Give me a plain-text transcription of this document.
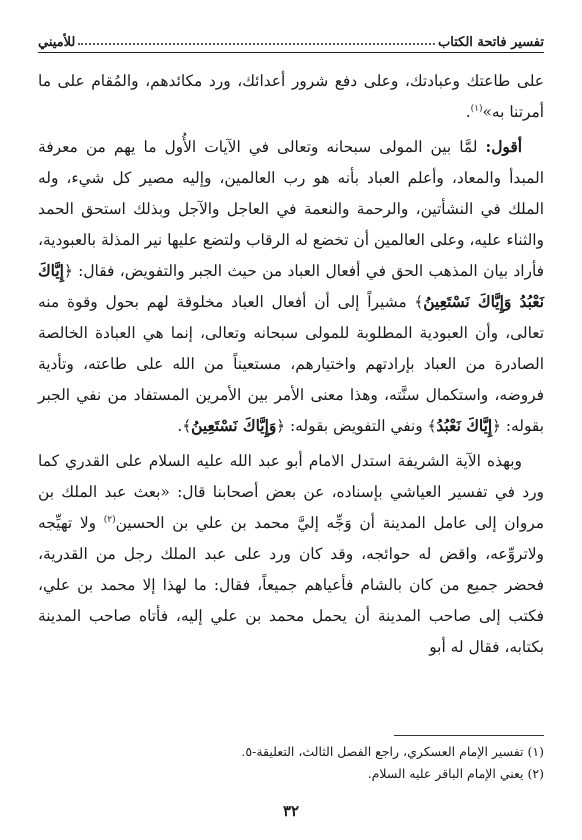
تفسير فاتحة الكتاب
للأميني

على طاعتك وعبادتك، وعلى دفع شرور أعدائك، ورد مكائدهم، والمُقام على ما أمرتنا به»$^{(١)}$.

أقول: لمَّا بين المولى سبحانه وتعالى في الآيات الأُول ما يهم من معرفة المبدأ والمعاد، وأعلم العباد بأنه هو رب العالمين، وإليه مصير كل شيء، وله الملك في النشأتين، والرحمة والنعمة في العاجل والآجل وبذلك استحق الحمد والثناء عليه، وعلى العالمين أن تخضع له الرقاب ولتضع عليها نير المذلة بالعبودية، فأراد بيان المذهب الحق في أفعال العباد من حيث الجبر والتفويض، فقال: ﴿إِيَّاكَ نَعْبُدُ وَإِيَّاكَ نَسْتَعِينُ﴾ مشيراً إلى أن أفعال العباد مخلوقة لهم بحول وقوة منه تعالى، وأن العبودية المطلوبة للمولى سبحانه وتعالى، إنما هي العبادة الخالصة الصادرة من العباد بإرادتهم واختيارهم، مستعيناً من الله على طاعته، وتأدية فروضه، واستكمال سنَّته، وهذا معنى الأمر بين الأمرين المستفاد من نفي الجبر بقوله: ﴿إِيَّاكَ نَعْبُدُ﴾ ونفي التفويض بقوله: ﴿وَإِيَّاكَ نَسْتَعِينُ﴾.

وبهذه الآية الشريفة استدل الامام أبو عبد الله عليه السلام على القدري كما ورد في تفسير العياشي بإسناده، عن بعض أصحابنا قال: «بعث عبد الملك بن مروان إلى عامل المدينة أن وَجِّه إليَّ محمد بن علي بن الحسين$^{(٢)}$ ولا تهيِّجه ولاتروِّعه، واقض له حوائجه، وقد كان ورد على عبد الملك رجل من القدرية، فحضر جميع من كان بالشام فأعياهم جميعاً، فقال: ما لهذا إلا محمد بن علي، فكتب إلى صاحب المدينة أن يحمل محمد بن علي إليه، فأتاه صاحب المدينة بكتابه، فقال له أبو

(١) تفسير الإمام العسكري، راجع الفصل الثالث، التعليقة-٥.

(٢) يعني الإمام الباقر عليه السلام.

٣٢
